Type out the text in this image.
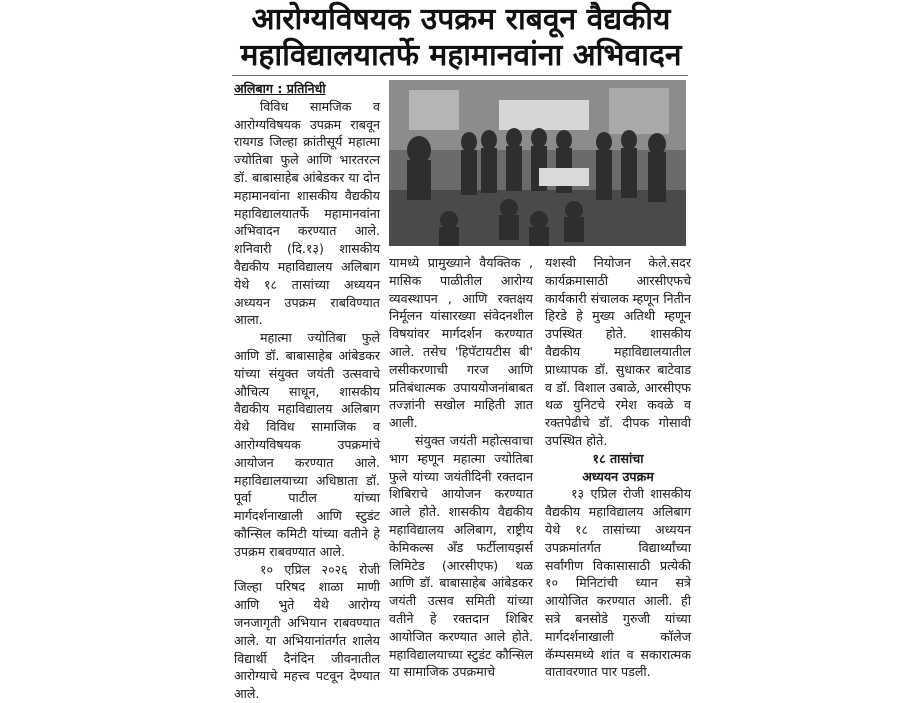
आरोग्यविषयक उपक्रम राबवून वैद्यकीय
महाविद्यालयातर्फे महामानवांना अभिवादन

अलिबाग : प्रतिनिधी

विविध सामजिक व आरोग्यविषयक उपक्रम राबवून रायगड जिल्हा क्रांतीसूर्य महात्मा ज्योतिबा फुले आणि भारतरत्न डॉ. बाबासाहेब आंबेडकर या दोन महामानवांना शासकीय वैद्यकीय महाविद्यालयातर्फे महामानवांना अभिवादन करण्यात आले. शनिवारी (दि.१३) शासकीय वैद्यकीय महाविद्यालय अलिबाग येथे १८ तासांच्या अध्ययन अध्ययन उपक्रम राबविण्यात आला.

महात्मा ज्योतिबा फुले आणि डॉ. बाबासाहेब आंबेडकर यांच्या संयुक्त जयंती उत्सवाचे औचित्य साधून, शासकीय वैद्यकीय महाविद्यालय अलिबाग येथे विविध सामाजिक व आरोग्यविषयक उपक्रमांचे आयोजन करण्यात आले. महाविद्यालयाच्या अधिष्ठाता डॉ. पूर्वा पाटील यांच्या मार्गदर्शनाखाली आणि स्टुडंट कौन्सिल कमिटी यांच्या वतीने हे उपक्रम राबवण्यात आले.

१० एप्रिल २०२६ रोजी जिल्हा परिषद शाळा माणी आणि भुते येथे आरोग्य जनजागृती अभियान राबवण्यात आले. या अभियानांतर्गत शालेय विद्यार्थी दैनंदिन जीवनातील आरोग्याचे महत्त्व पटवून देण्यात आले.

यामध्ये प्रामुख्याने वैयक्तिक , मासिक पाळीतील आरोग्य व्यवस्थापन , आणि रक्तक्षय निर्मूलन यांसारख्या संवेदनशील विषयांवर मार्गदर्शन करण्यात आले. तसेच 'हिपॅटायटीस बी' लसीकरणाची गरज आणि प्रतिबंधात्मक उपाययोजनांबाबत तज्ज्ञांनी सखोल माहिती ज्ञात आली.

संयुक्त जयंती महोत्सवाचा भाग म्हणून महात्मा ज्योतिबा फुले यांच्या जयंतीदिनी रक्तदान शिबिराचे आयोजन करण्यात आले होते. शासकीय वैद्यकीय महाविद्यालय अलिबाग, राष्ट्रीय केमिकल्स अँड फर्टीलायझर्स लिमिटेड (आरसीएफ) थळ आणि डॉ. बाबासाहेब आंबेडकर जयंती उत्सव समिती यांच्या वतीने हे रक्तदान शिबिर आयोजित करण्यात आले होते. महाविद्यालयाच्या स्टुडंट कौन्सिल या सामाजिक उपक्रमाचे

यशस्वी नियोजन केले.सदर कार्यक्रमासाठी आरसीएफचे कार्यकारी संचालक म्हणून नितीन हिरडे हे मुख्य अतिथी म्हणून उपस्थित होते. शासकीय वैद्यकीय महाविद्यालयातील प्राध्यापक डॉ. सुधाकर बाटेवाड व डॉ. विशाल उबाळे, आरसीएफ थळ युनिटचे रमेश कवळे व रक्तपेढीचे डॉ. दीपक गोसावी उपस्थित होते.

१८ तासांचा

अध्ययन उपक्रम

१३ एप्रिल रोजी शासकीय वैद्यकीय महाविद्यालय अलिबाग येथे १८ तासांच्या अध्ययन उपक्रमांतर्गत विद्यार्थ्यांच्या सर्वांगीण विकासासाठी प्रत्येकी १० मिनिटांची ध्यान सत्रे आयोजित करण्यात आली. ही सत्रे बनसोडे गुरुजी यांच्या मार्गदर्शनाखाली कॉलेज कॅम्पसमध्ये शांत व सकारात्मक वातावरणात पार पडली.
